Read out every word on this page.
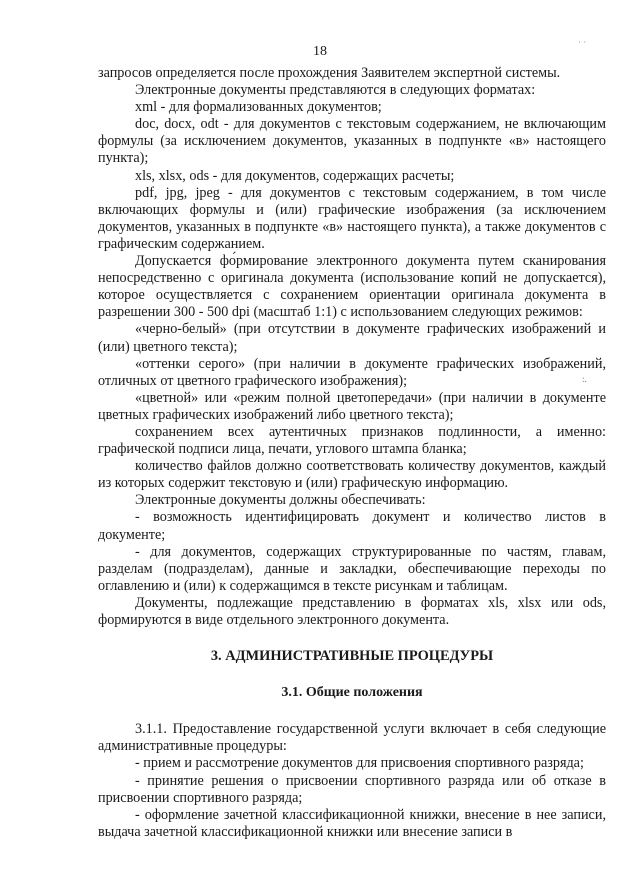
18

запросов определяется после прохождения Заявителем экспертной системы.

Электронные документы представляются в следующих форматах:

xml - для формализованных документов;

doc, docx, odt - для документов с текстовым содержанием, не включающим формулы (за исключением документов, указанных в подпункте «в» настоящего пункта);

xls, xlsx, ods - для документов, содержащих расчеты;

pdf, jpg, jpeg - для документов с текстовым содержанием, в том числе включающих формулы и (или) графические изображения (за исключением документов, указанных в подпункте «в» настоящего пункта), а также документов с графическим содержанием.

Допускается фо́рмирование электронного документа путем сканирования непосредственно с оригинала документа (использование копий не допускается), которое осуществляется с сохранением ориентации оригинала документа в разрешении 300 - 500 dpi (масштаб 1:1) с использованием следующих режимов:

«черно-белый» (при отсутствии в документе графических изображений и (или) цветного текста);

«оттенки серого» (при наличии в документе графических изображений, отличных от цветного графического изображения);

«цветной» или «режим полной цветопередачи» (при наличии в документе цветных графических изображений либо цветного текста);

сохранением всех аутентичных признаков подлинности, а именно: графической подписи лица, печати, углового штампа бланка;

количество файлов должно соответствовать количеству документов, каждый из которых содержит текстовую и (или) графическую информацию.

Электронные документы должны обеспечивать:

- возможность идентифицировать документ и количество листов в документе;

- для документов, содержащих структурированные по частям, главам, разделам (подразделам), данные и закладки, обеспечивающие переходы по оглавлению и (или) к содержащимся в тексте рисункам и таблицам.

Документы, подлежащие представлению в форматах xls, xlsx или ods, формируются в виде отдельного электронного документа.

3. АДМИНИСТРАТИВНЫЕ ПРОЦЕДУРЫ

3.1. Общие положения

3.1.1. Предоставление государственной услуги включает в себя следующие административные процедуры:

- прием и рассмотрение документов для присвоения спортивного разряда;

- принятие решения о присвоении спортивного разряда или об отказе в присвоении спортивного разряда;

- оформление зачетной классификационной книжки, внесение в нее записи, выдача зачетной классификационной книжки или внесение записи в

˙ ˙
:.
